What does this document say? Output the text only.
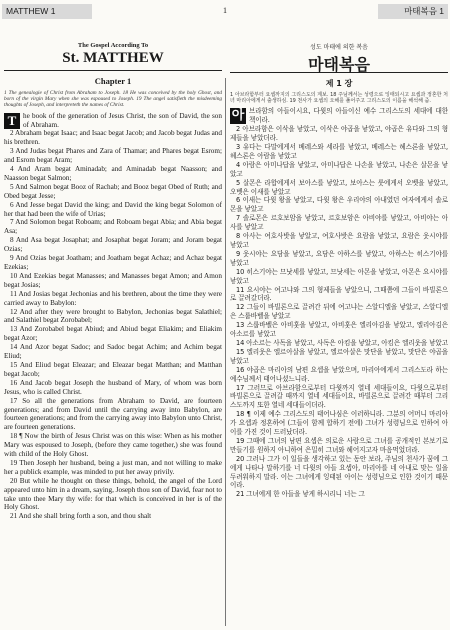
MATTHEW 1	1	마태복음 1
The Gospel According To
St. MATTHEW
Chapter 1
1 The genealogie of Christ from Abraham to Joseph. 18 He was conceived by the holy Ghost, and born of the virgin Mary when she was espoused to Joseph. 19 The angel satisfieth the misdeeming thoughts of Joseph, and interpreteth the names of Christ.

T he book of the generation of Jesus Christ, the son of David, the son of Abraham.

2 Abraham begat Isaac; and Isaac begat Jacob; and Jacob begat Judas and his brethren.

3 And Judas begat Phares and Zara of Thamar; and Phares begat Esrom; and Esrom begat Aram;

4 And Aram begat Aminadab; and Aminadab begat Naasson; and Naasson begat Salmon;

5 And Salmon begat Booz of Rachab; and Booz begat Obed of Ruth; and Obed begat Jesse;

6 And Jesse begat David the king; and David the king begat Solomon of her that had been the wife of Urias;

7 And Solomon begat Roboam; and Roboam begat Abia; and Abia begat Asa;

8 And Asa begat Josaphat; and Josaphat begat Joram; and Joram begat Ozias;

9 And Ozias begat Joatham; and Joatham begat Achaz; and Achaz begat Ezekias;

10 And Ezekias begat Manasses; and Manasses begat Amon; and Amon begat Josias;

11 And Josias begat Jechonias and his brethren, about the time they were carried away to Babylon:

12 And after they were brought to Babylon, Jechonias begat Salathiel; and Salathiel begat Zorobabel;

13 And Zorobabel begat Abiud; and Abiud begat Eliakim; and Eliakim begat Azor;

14 And Azor begat Sadoc; and Sadoc begat Achim; and Achim begat Eliud;

15 And Eliud begat Eleazar; and Eleazar begat Matthan; and Matthan begat Jacob;

16 And Jacob begat Joseph the husband of Mary, of whom was born Jesus, who is called Christ.

17 So all the generations from Abraham to David, are fourteen generations; and from David until the carrying away into Babylon, are fourteen generations; and from the carrying away into Babylon unto Christ, are fourteen generations.

18 ¶ Now the birth of Jesus Christ was on this wise: When as his mother Mary was espoused to Joseph, (before they came together,) she was found with child of the Holy Ghost.

19 Then Joseph her husband, being a just man, and not willing to make her a publick example, was minded to put her away privily.

20 But while he thought on these things, behold, the angel of the Lord appeared unto him in a dream, saying, Joseph thou son of David, fear not to take unto thee Mary thy wife: for that which is conceived in her is of the Holy Ghost.

21 And she shall bring forth a son, and thou shalt

성도 마태에 의한 복음
마태복음
제 1 장
1 아브라함부터 요셉까지의 그리스도의 계보. 18 주님께서는 성령으로 잉태되시고 요셉과 정혼한 처녀 마리아에게서 출생하심. 19 천사가 요셉의 오해를 풀어주고 그리스도의 이름을 해석해 줌.

아 브라함의 아들이시요, 다윗의 아들이신 예수 그리스도의 세대에 대한 책이라.

2 아브라함은 이삭을 낳았고, 이삭은 야곱을 낳았고, 야곱은 유다와 그의 형제들을 낳았더라.

3 유다는 다말에게서 베레스와 세라를 낳았고, 베레스는 헤스론을 낳았고, 헤스론은 아람을 낳았고

4 아람은 아미나답을 낳았고, 아미나답은 나손을 낳았고, 나손은 살몬을 낳았고

5 살몬은 라합에게서 보아스를 낳았고, 보아스는 룻에게서 오벳을 낳았고, 오벳은 이새를 낳았고

6 이새는 다윗 왕을 낳았고, 다윗 왕은 우리야의 아내였던 여자에게서 솔로몬을 낳았고

7 솔로몬은 르호보암을 낳았고, 르호보암은 아비야를 낳았고, 아비야는 아사를 낳았고

8 아사는 여호사밧을 낳았고, 여호사밧은 요람을 낳았고, 요람은 웃시야를 낳았고

9 웃시야는 요담을 낳았고, 요담은 아하스를 낳았고, 아하스는 히스기야를 낳았고

10 히스기야는 므낫세를 낳았고, 므낫세는 아몬을 낳았고, 아몬은 요시야를 낳았고

11 요시야는 여고냐와 그의 형제들을 낳았으니, 그때쯤에 그들이 바빌론으로 끌려갔더라.

12 그들이 바빌론으로 끌려간 뒤에 여고냐는 스알디엘을 낳았고, 스알디엘은 스룹바벨을 낳았고

13 스룹바벨은 아비훗을 낳았고, 아비훗은 엘리아김을 낳았고, 엘리아김은 아소르를 낳았고

14 아소르는 사독을 낳았고, 사독은 아킴을 낳았고, 아킴은 엘리웃을 낳았고

15 엘리웃은 엘르아살을 낳았고, 엘르아살은 맛단을 낳았고, 맛단은 야곱을 낳았고

16 야곱은 마리아의 남편 요셉을 낳았으며, 마리아에게서 그리스도라 하는 예수님께서 태어나셨느니라.

17 그러므로 아브라함으로부터 다윗까지 열네 세대들이요, 다윗으로부터 바빌론으로 끌려갈 때까지 열네 세대들이요, 바빌론으로 끌려간 때부터 그리스도까지 또한 열네 세대들이더라.

18 ¶ 이제 예수 그리스도의 태어나심은 이러하니라. 그분의 어머니 마리아가 요셉과 정혼하여 (그들이 함께 합하기 전에) 그녀가 성령님으로 인하여 아이를 가진 것이 드러났더라.

19 그때에 그녀의 남편 요셉은 의로운 사람으로 그녀를 공개적인 본보기로 만들기를 원하지 아니하여 은밀히 그녀와 헤어지고자 마음먹었더라.

20 그러나 그가 이 일들을 생각하고 있는 동안 보라, 주님의 천사가 꿈에 그에게 나타나 말하기를 너 다윗의 아들 요셉아, 마리아를 네 아내로 맞는 일을 두려워하지 말라. 이는 그녀에게 잉태된 아이는 성령님으로 인한 것이기 때문이라.

21 그녀에게 한 아들을 낳게 하시리니 너는 그
